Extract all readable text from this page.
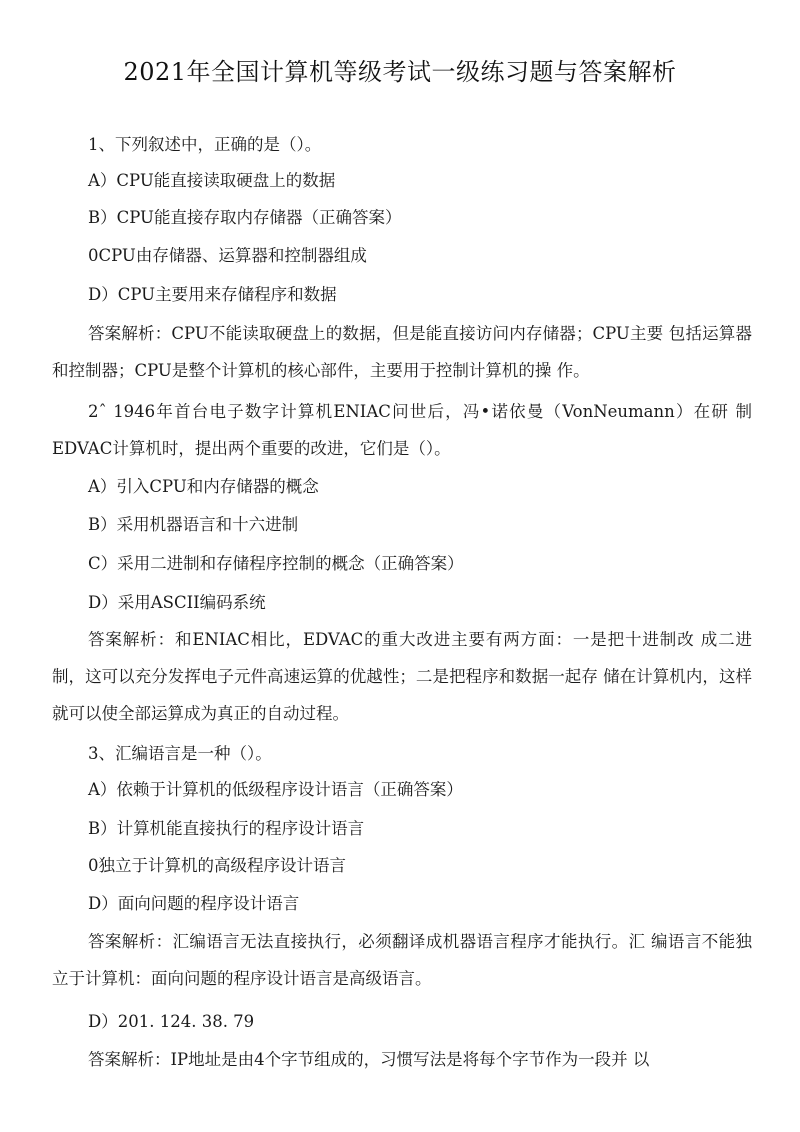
2021年全国计算机等级考试一级练习题与答案解析

1、下列叙述中，正确的是（）。

A）CPU能直接读取硬盘上的数据

B）CPU能直接存取内存储器（正确答案）

0CPU由存储器、运算器和控制器组成

D）CPU主要用来存储程序和数据

答案解析：CPU不能读取硬盘上的数据，但是能直接访问内存储器；CPU主要 包括运算器和控制器；CPU是整个计算机的核心部件，主要用于控制计算机的操 作。

2ˆ 1946年首台电子数字计算机ENIAC问世后，冯•诺依曼（VonNeumann）在研 制EDVAC计算机时，提出两个重要的改进，它们是（）。

A）引入CPU和内存储器的概念

B）采用机器语言和十六进制

C）采用二进制和存储程序控制的概念（正确答案）

D）采用ASCII编码系统

答案解析：和ENIAC相比，EDVAC的重大改进主要有两方面：一是把十进制改 成二进制，这可以充分发挥电子元件高速运算的优越性；二是把程序和数据一起存 储在计算机内，这样就可以使全部运算成为真正的自动过程。

3、汇编语言是一种（）。

A）依赖于计算机的低级程序设计语言（正确答案）

B）计算机能直接执行的程序设计语言

0独立于计算机的高级程序设计语言

D）面向问题的程序设计语言

答案解析：汇编语言无法直接执行，必须翻译成机器语言程序才能执行。汇 编语言不能独立于计算机：面向问题的程序设计语言是高级语言。

D）201. 124. 38. 79

答案解析：IP地址是由4个字节组成的，习惯写法是将每个字节作为一段并 以
